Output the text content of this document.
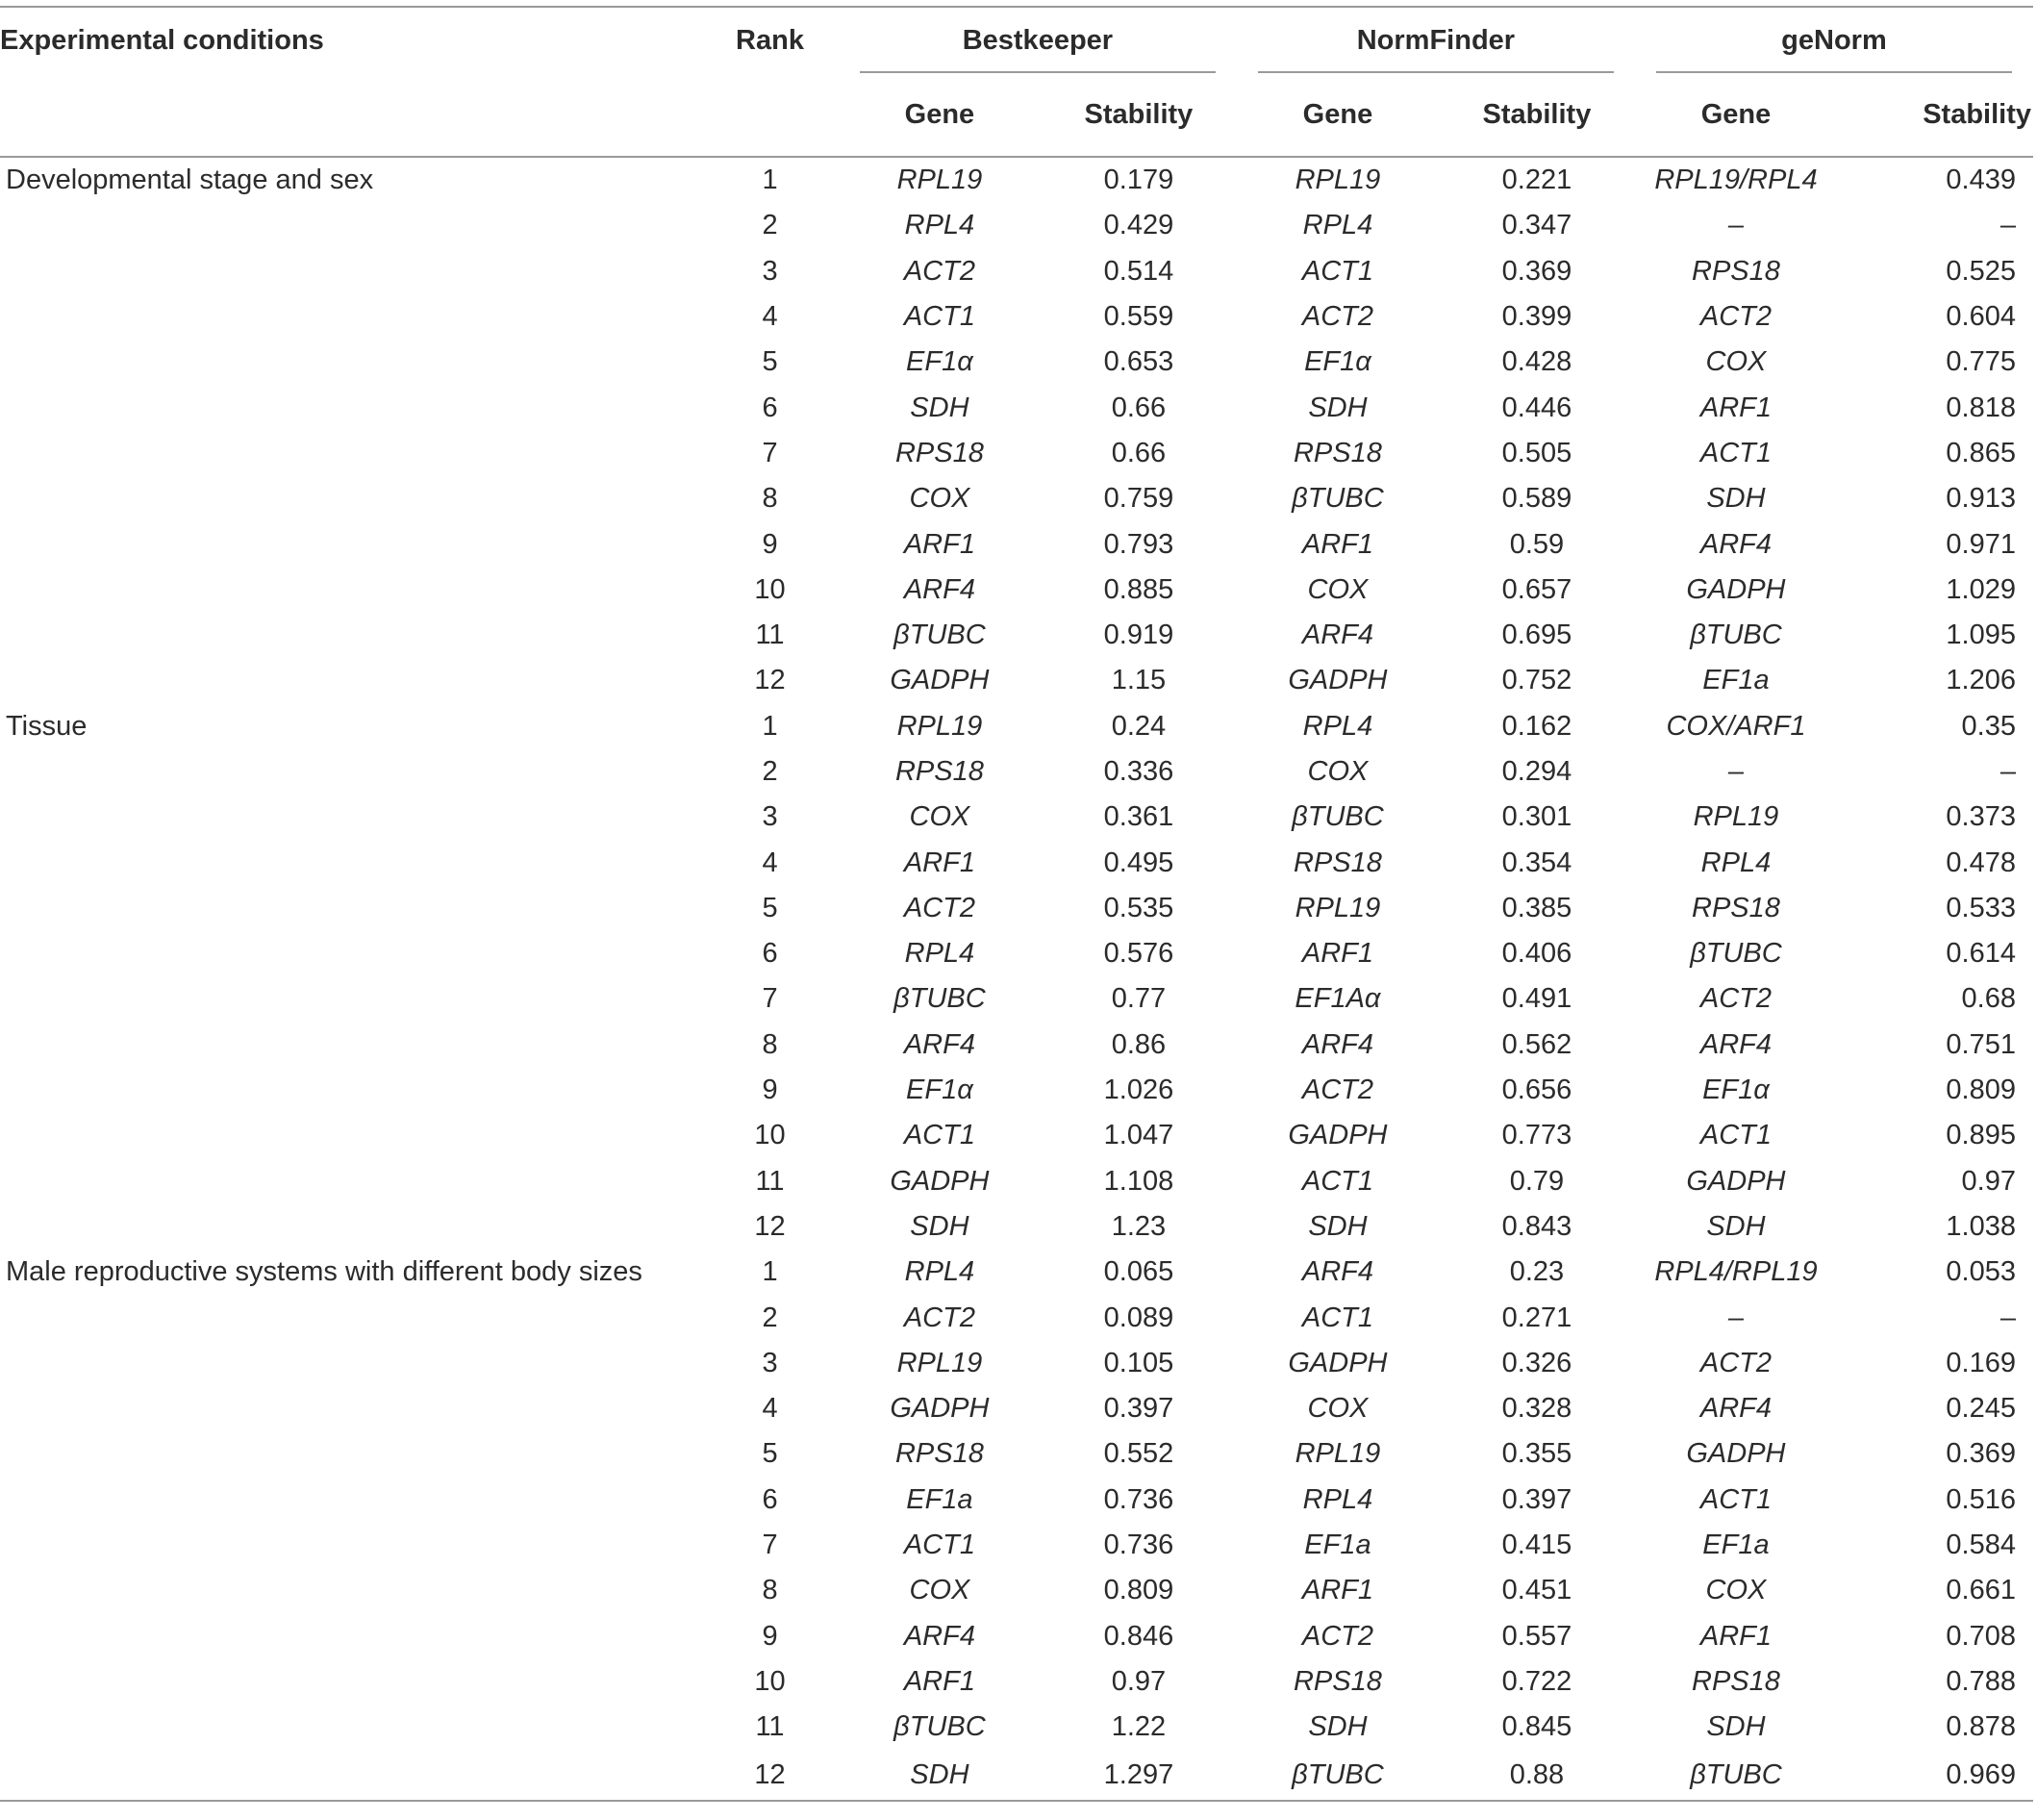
Experimental conditions	Rank	Bestkeeper		NormFinder		geNorm	

		Gene	Stability	Gene	Stability	Gene	Stability
Developmental stage and sex	1	RPL19	0.179	RPL19	0.221	RPL19/RPL4	0.439
	2	RPL4	0.429	RPL4	0.347	–	–
	3	ACT2	0.514	ACT1	0.369	RPS18	0.525
	4	ACT1	0.559	ACT2	0.399	ACT2	0.604
	5	EF1α	0.653	EF1α	0.428	COX	0.775
	6	SDH	0.66	SDH	0.446	ARF1	0.818
	7	RPS18	0.66	RPS18	0.505	ACT1	0.865
	8	COX	0.759	βTUBC	0.589	SDH	0.913
	9	ARF1	0.793	ARF1	0.59	ARF4	0.971
	10	ARF4	0.885	COX	0.657	GADPH	1.029
	11	βTUBC	0.919	ARF4	0.695	βTUBC	1.095
	12	GADPH	1.15	GADPH	0.752	EF1a	1.206
Tissue	1	RPL19	0.24	RPL4	0.162	COX/ARF1	0.35
	2	RPS18	0.336	COX	0.294	–	–
	3	COX	0.361	βTUBC	0.301	RPL19	0.373
	4	ARF1	0.495	RPS18	0.354	RPL4	0.478
	5	ACT2	0.535	RPL19	0.385	RPS18	0.533
	6	RPL4	0.576	ARF1	0.406	βTUBC	0.614
	7	βTUBC	0.77	EF1Aα	0.491	ACT2	0.68
	8	ARF4	0.86	ARF4	0.562	ARF4	0.751
	9	EF1α	1.026	ACT2	0.656	EF1α	0.809
	10	ACT1	1.047	GADPH	0.773	ACT1	0.895
	11	GADPH	1.108	ACT1	0.79	GADPH	0.97
	12	SDH	1.23	SDH	0.843	SDH	1.038
Male reproductive systems with different body sizes	1	RPL4	0.065	ARF4	0.23	RPL4/RPL19	0.053
	2	ACT2	0.089	ACT1	0.271	–	–
	3	RPL19	0.105	GADPH	0.326	ACT2	0.169
	4	GADPH	0.397	COX	0.328	ARF4	0.245
	5	RPS18	0.552	RPL19	0.355	GADPH	0.369
	6	EF1a	0.736	RPL4	0.397	ACT1	0.516
	7	ACT1	0.736	EF1a	0.415	EF1a	0.584
	8	COX	0.809	ARF1	0.451	COX	0.661
	9	ARF4	0.846	ACT2	0.557	ARF1	0.708
	10	ARF1	0.97	RPS18	0.722	RPS18	0.788
	11	βTUBC	1.22	SDH	0.845	SDH	0.878
	12	SDH	1.297	βTUBC	0.88	βTUBC	0.969
